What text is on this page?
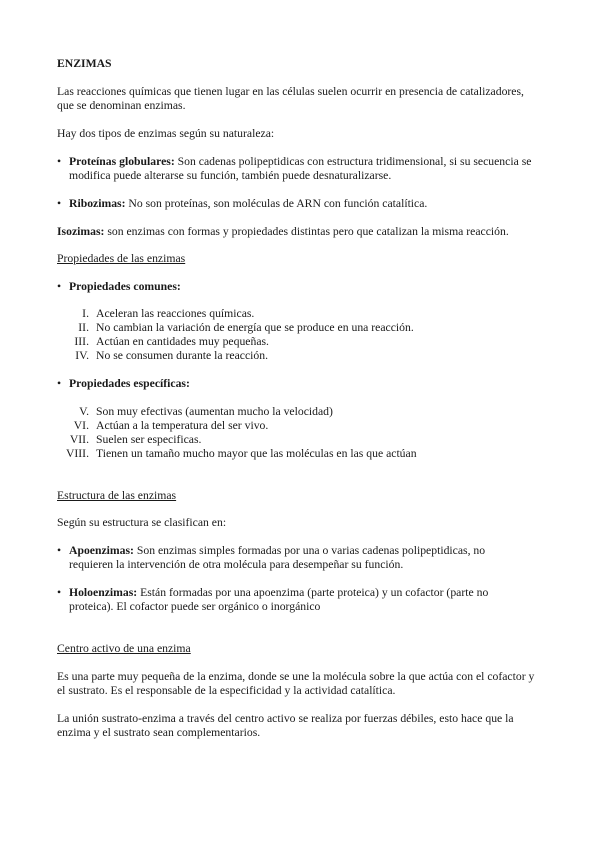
ENZIMAS

Las reacciones químicas que tienen lugar en las células suelen ocurrir en presencia de catalizadores, que se denominan enzimas.

Hay dos tipos de enzimas según su naturaleza:

• Proteínas globulares: Son cadenas polipeptidicas con estructura tridimensional, si su secuencia se modifica puede alterarse su función, también puede desnaturalizarse.
• Ribozimas: No son proteínas, son moléculas de ARN con función catalítica.

Isozimas: son enzimas con formas y propiedades distintas pero que catalizan la misma reacción.

Propiedades de las enzimas
• Propiedades comunes:
I. Aceleran las reacciones químicas.
II. No cambian la variación de energía que se produce en una reacción.
III. Actúan en cantidades muy pequeñas.
IV. No se consumen durante la reacción.
• Propiedades específicas:
V. Son muy efectivas (aumentan mucho la velocidad)
VI. Actúan a la temperatura del ser vivo.
VII. Suelen ser especificas.
VIII. Tienen un tamaño mucho mayor que las moléculas en las que actúan
Estructura de las enzimas

Según su estructura se clasifican en:

• Apoenzimas: Son enzimas simples formadas por una o varias cadenas polipeptidicas, no requieren la intervención de otra molécula para desempeñar su función.
• Holoenzimas: Están formadas por una apoenzima (parte proteica) y un cofactor (parte no proteica). El cofactor puede ser orgánico o inorgánico
Centro activo de una enzima

Es una parte muy pequeña de la enzima, donde se une la molécula sobre la que actúa con el cofactor y el sustrato. Es el responsable de la especificidad y la actividad catalítica.

La unión sustrato-enzima a través del centro activo se realiza por fuerzas débiles, esto hace que la enzima y el sustrato sean complementarios.
